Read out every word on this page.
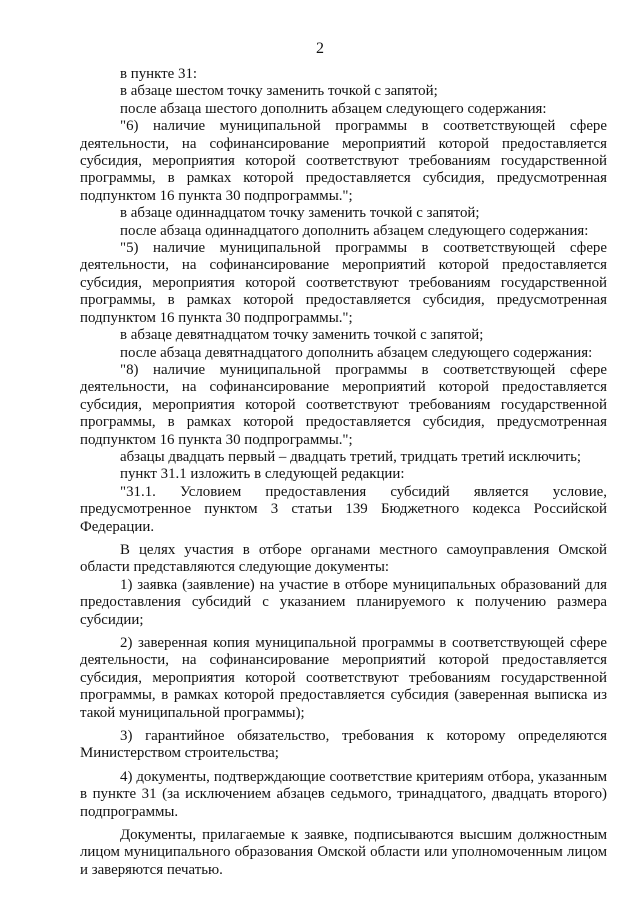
2

в пункте 31:

в абзаце шестом точку заменить точкой с запятой;

после абзаца шестого дополнить абзацем следующего содержания:

"6) наличие муниципальной программы в соответствующей сфере деятельности, на софинансирование мероприятий которой предоставляется субсидия, мероприятия которой соответствуют требованиям государственной программы, в рамках которой предоставляется субсидия, предусмотренная подпунктом 16 пункта 30 подпрограммы.";

в абзаце одиннадцатом точку заменить точкой с запятой;

после абзаца одиннадцатого дополнить абзацем следующего содержания:

"5) наличие муниципальной программы в соответствующей сфере деятельности, на софинансирование мероприятий которой предоставляется субсидия, мероприятия которой соответствуют требованиям государственной программы, в рамках которой предоставляется субсидия, предусмотренная подпунктом 16 пункта 30 подпрограммы.";

в абзаце девятнадцатом точку заменить точкой с запятой;

после абзаца девятнадцатого дополнить абзацем следующего содержания:

"8) наличие муниципальной программы в соответствующей сфере деятельности, на софинансирование мероприятий которой предоставляется субсидия, мероприятия которой соответствуют требованиям государственной программы, в рамках которой предоставляется субсидия, предусмотренная подпунктом 16 пункта 30 подпрограммы.";

абзацы двадцать первый – двадцать третий, тридцать третий исключить;

пункт 31.1 изложить в следующей редакции:

"31.1. Условием предоставления субсидий является условие, предусмотренное пунктом 3 статьи 139 Бюджетного кодекса Российской Федерации.

В целях участия в отборе органами местного самоуправления Омской области представляются следующие документы:

1) заявка (заявление) на участие в отборе муниципальных образований для предоставления субсидий с указанием планируемого к получению размера субсидии;

2) заверенная копия муниципальной программы в соответствующей сфере деятельности, на софинансирование мероприятий которой предоставляется субсидия, мероприятия которой соответствуют требованиям государственной программы, в рамках которой предоставляется субсидия (заверенная выписка из такой муниципальной программы);

3) гарантийное обязательство, требования к которому определяются Министерством строительства;

4) документы, подтверждающие соответствие критериям отбора, указанным в пункте 31 (за исключением абзацев седьмого, тринадцатого, двадцать второго) подпрограммы.

Документы, прилагаемые к заявке, подписываются высшим должностным лицом муниципального образования Омской области или уполномоченным лицом и заверяются печатью.
